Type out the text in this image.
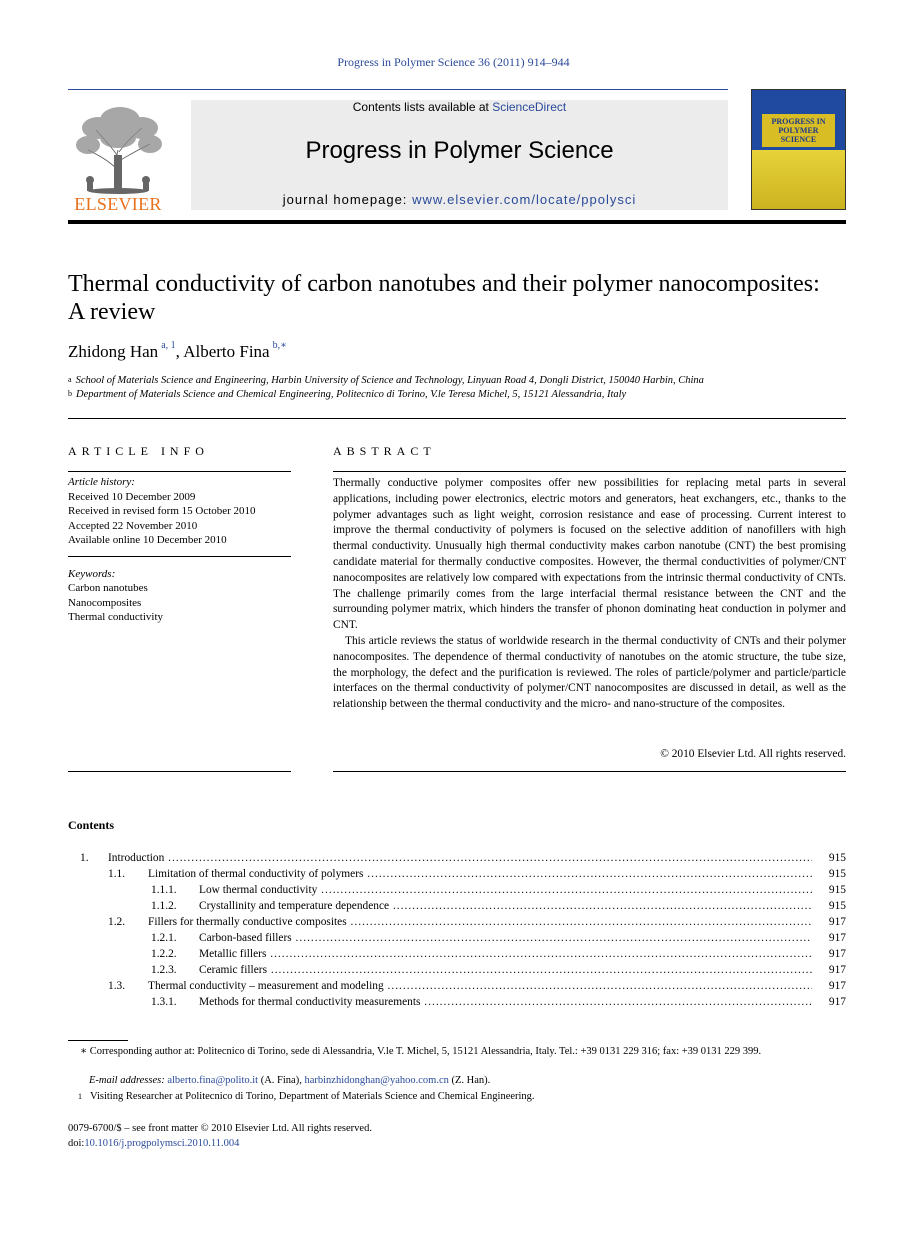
Progress in Polymer Science 36 (2011) 914–944
ELSEVIER
Contents lists available at ScienceDirect
Progress in Polymer Science
journal homepage: www.elsevier.com/locate/ppolysci
PROGRESS IN POLYMER SCIENCE
Thermal conductivity of carbon nanotubes and their polymer nanocomposites: A review
Zhidong Han $^{a, 1}$, Alberto Fina $^{b,∗}$
$^a$ School of Materials Science and Engineering, Harbin University of Science and Technology, Linyuan Road 4, Dongli District, 150040 Harbin, China
$^b$ Department of Materials Science and Chemical Engineering, Politecnico di Torino, V.le Teresa Michel, 5, 15121 Alessandria, Italy
ARTICLE INFO
Article history:
Received 10 December 2009
Received in revised form 15 October 2010
Accepted 22 November 2010
Available online 10 December 2010
Keywords:
Carbon nanotubes
Nanocomposites
Thermal conductivity
ABSTRACT

Thermally conductive polymer composites offer new possibilities for replacing metal parts in several applications, including power electronics, electric motors and generators, heat exchangers, etc., thanks to the polymer advantages such as light weight, corrosion resistance and ease of processing. Current interest to improve the thermal conductivity of polymers is focused on the selective addition of nanofillers with high thermal conductivity. Unusually high thermal conductivity makes carbon nanotube (CNT) the best promising candidate material for thermally conductive composites. However, the thermal conductivities of polymer/CNT nanocomposites are relatively low compared with expectations from the intrinsic thermal conductivity of CNTs. The challenge primarily comes from the large interfacial thermal resistance between the CNT and the surrounding polymer matrix, which hinders the transfer of phonon dominating heat conduction in polymer and CNT.

This article reviews the status of worldwide research in the thermal conductivity of CNTs and their polymer nanocomposites. The dependence of thermal conductivity of nanotubes on the atomic structure, the tube size, the morphology, the defect and the purification is reviewed. The roles of particle/polymer and particle/particle interfaces on the thermal conductivity of polymer/CNT nanocomposites are discussed in detail, as well as the relationship between the thermal conductivity and the micro- and nano-structure of the composites.

© 2010 Elsevier Ltd. All rights reserved.
Contents
1. Introduction .....	915
1.1. Limitation of thermal conductivity of polymers .....	915
1.1.1. Low thermal conductivity .....	915
1.1.2. Crystallinity and temperature dependence .....	915
1.2. Fillers for thermally conductive composites .....	917
1.2.1. Carbon-based fillers .....	917
1.2.2. Metallic fillers .....	917
1.2.3. Ceramic fillers .....	917
1.3. Thermal conductivity – measurement and modeling .....	917
1.3.1. Methods for thermal conductivity measurements .....	917
∗ Corresponding author at: Politecnico di Torino, sede di Alessandria, V.le T. Michel, 5, 15121 Alessandria, Italy. Tel.: +39 0131 229 316; fax: +39 0131 229 399.
E-mail addresses: alberto.fina@polito.it (A. Fina), harbinzhidonghan@yahoo.com.cn (Z. Han).
$^1$ Visiting Researcher at Politecnico di Torino, Department of Materials Science and Chemical Engineering.
0079-6700/$ – see front matter © 2010 Elsevier Ltd. All rights reserved.
doi:10.1016/j.progpolymsci.2010.11.004
